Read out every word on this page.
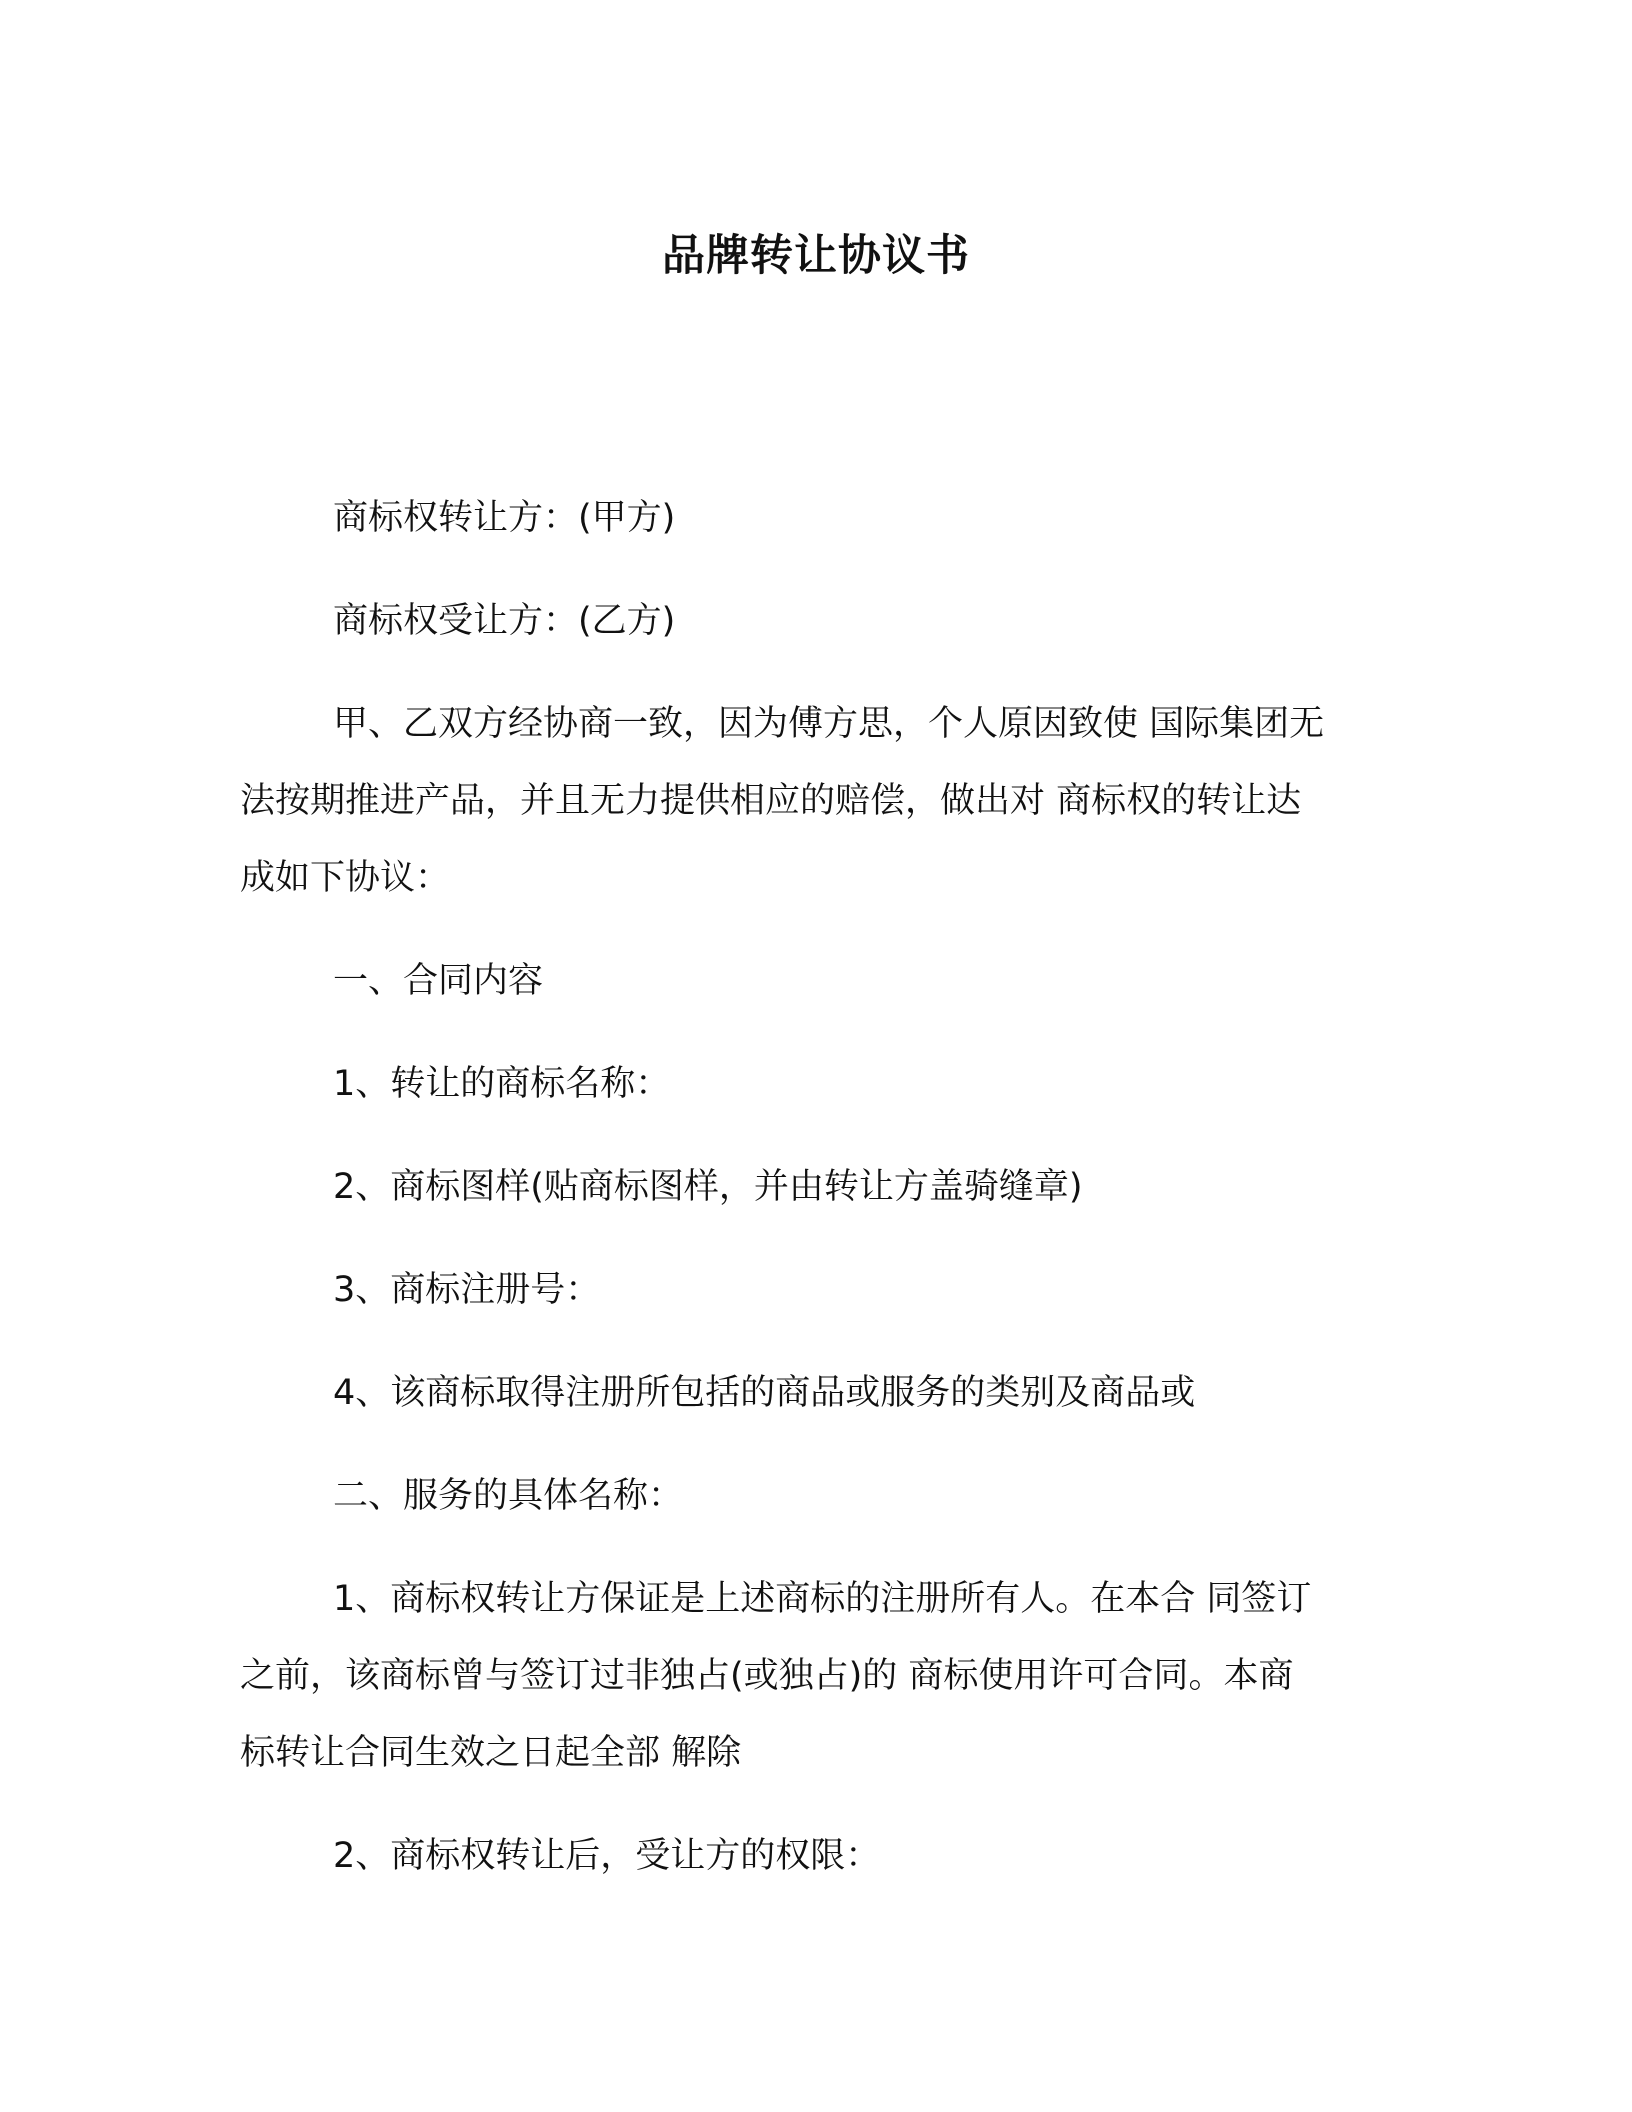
品牌转让协议书

商标权转让方：(甲方)

商标权受让方：(乙方)

甲、乙双方经协商一致，因为傅方思，个人原因致使 国际集团无

法按期推进产品，并且无力提供相应的赔偿，做出对 商标权的转让达

成如下协议：

一、合同内容

1、转让的商标名称：

2、商标图样(贴商标图样，并由转让方盖骑缝章)

3、商标注册号：

4、该商标取得注册所包括的商品或服务的类别及商品或

二、服务的具体名称：

1、商标权转让方保证是上述商标的注册所有人。在本合 同签订

之前，该商标曾与签订过非独占(或独占)的 商标使用许可合同。本商

标转让合同生效之日起全部 解除

2、商标权转让后，受让方的权限：
